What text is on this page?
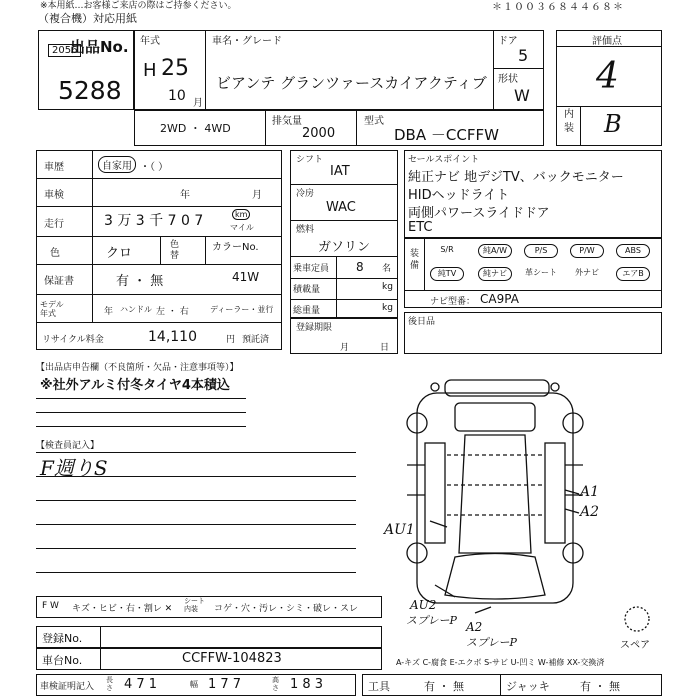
※本用紙…お客様ご来店の際はご持参ください。
（複合機）対応用紙
＊１００３６８４４６８＊
出品No.
2056
5288
年式
H 25
10 月
車名・グレード
ビアンテ グランツァースカイアクティブ
ドア
5
形状
W
評価点
4
内装 B
2WD ・ 4WD
排気量
2000
型式
DBA －CCFFW
車歴	自家用 ・（ ）
車検	年	月
走行	3 万 3 千 7 0 7	km
マイル
色	クロ
色替
カラーNo.
保証書	有 ・ 無	41W
モデル年式	年 ハンドル 左 ・ 右	ディーラー・並行
リサイクル料金	14,110	円 預託済
シフト
IAT
冷房
WAC
燃料
ガソリン
乗車定員 8 名
積載量	kg
総重量	kg
登録期限
月	日
セールスポイント
純正ナビ 地デジTV、バックモニター
HIDヘッドライト
両側パワースライドドア
ETC
装備
S/R	純A/W	P/S	P/W	ABS
純TV	純ナビ	革シート	外ナビ	エアB
ナビ型番： CA9PA
後日品
【出品店申告欄（不良箇所・欠品・注意事項等）】
※社外アルミ付冬タイヤ4本積込
【検査員記入】
F週りS
A1
A2
AU1
AU2
スプレーP A2
スプレーP	スペア
F W キズ・ヒビ・右・割レ ✕
シート内装	コゲ・穴・汚レ・シミ・破レ・スレ
登録No.
車台No.	CCFFW-104823	A-キズ C-腐食 E-エクボ S-サビ U-凹ミ W-補修 XX-交換済
車検証明記入
長さ 4 7 1	幅 1 7 7	高さ 1 8 3	工具	有 ・ 無	ジャッキ	有 ・ 無
